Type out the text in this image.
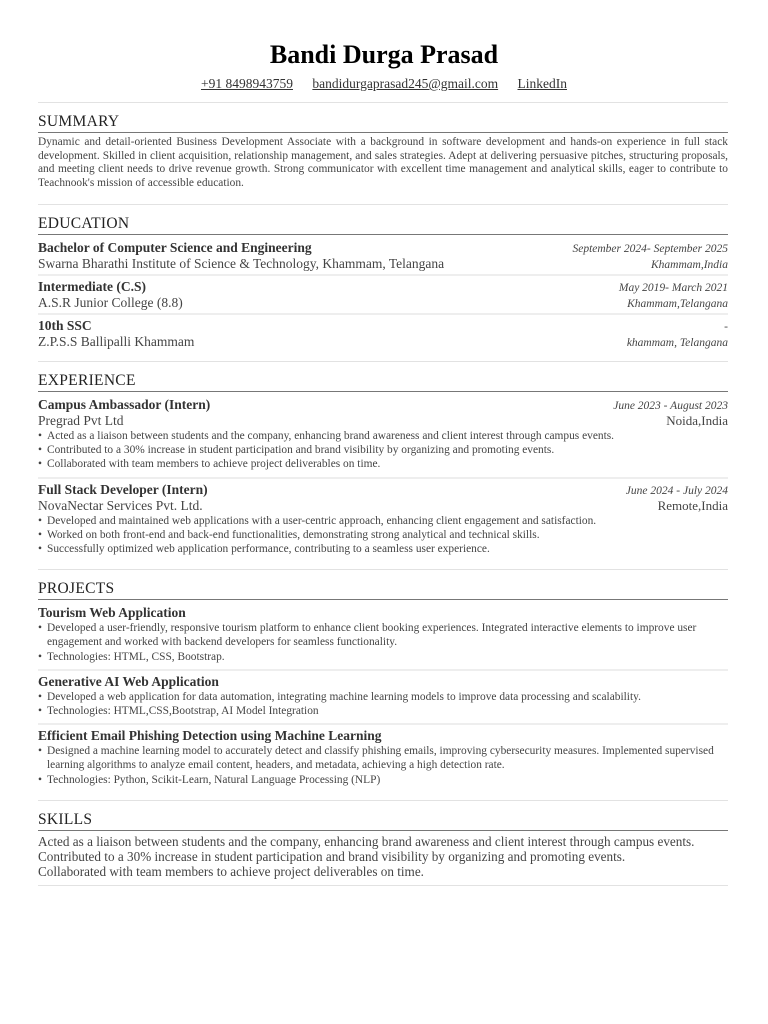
Bandi Durga Prasad
+91 8498943759 bandidurgaprasad245@gmail.com LinkedIn
SUMMARY
Dynamic and detail-oriented Business Development Associate with a background in software development and hands-on experience in full stack development. Skilled in client acquisition, relationship management, and sales strategies. Adept at delivering persuasive pitches, structuring proposals, and meeting client needs to drive revenue growth. Strong communicator with excellent time management and analytical skills, eager to contribute to Teachnook's mission of accessible education.
EDUCATION
Bachelor of Computer Science and Engineering	September 2024- September 2025
Swarna Bharathi Institute of Science & Technology, Khammam, Telangana	Khammam,India
Intermediate (C.S)	May 2019- March 2021
A.S.R Junior College (8.8)	Khammam,Telangana
10th SSC	-
Z.P.S.S Ballipalli Khammam	khammam, Telangana
EXPERIENCE
Campus Ambassador (Intern)	June 2023 - August 2023
Pregrad Pvt Ltd	Noida,India
• Acted as a liaison between students and the company, enhancing brand awareness and client interest through campus events.
• Contributed to a 30% increase in student participation and brand visibility by organizing and promoting events.
• Collaborated with team members to achieve project deliverables on time.
Full Stack Developer (Intern)	June 2024 - July 2024
NovaNectar Services Pvt. Ltd.	Remote,India
• Developed and maintained web applications with a user-centric approach, enhancing client engagement and satisfaction.
• Worked on both front-end and back-end functionalities, demonstrating strong analytical and technical skills.
• Successfully optimized web application performance, contributing to a seamless user experience.
PROJECTS
Tourism Web Application
• Developed a user-friendly, responsive tourism platform to enhance client booking experiences. Integrated interactive elements to improve user engagement and worked with backend developers for seamless functionality.
• Technologies: HTML, CSS, Bootstrap.
Generative AI Web Application
• Developed a web application for data automation, integrating machine learning models to improve data processing and scalability.
• Technologies: HTML,CSS,Bootstrap, AI Model Integration
Efficient Email Phishing Detection using Machine Learning
• Designed a machine learning model to accurately detect and classify phishing emails, improving cybersecurity measures. Implemented supervised learning algorithms to analyze email content, headers, and metadata, achieving a high detection rate.
• Technologies: Python, Scikit-Learn, Natural Language Processing (NLP)
SKILLS
Acted as a liaison between students and the company, enhancing brand awareness and client interest through campus events.
Contributed to a 30% increase in student participation and brand visibility by organizing and promoting events.
Collaborated with team members to achieve project deliverables on time.
